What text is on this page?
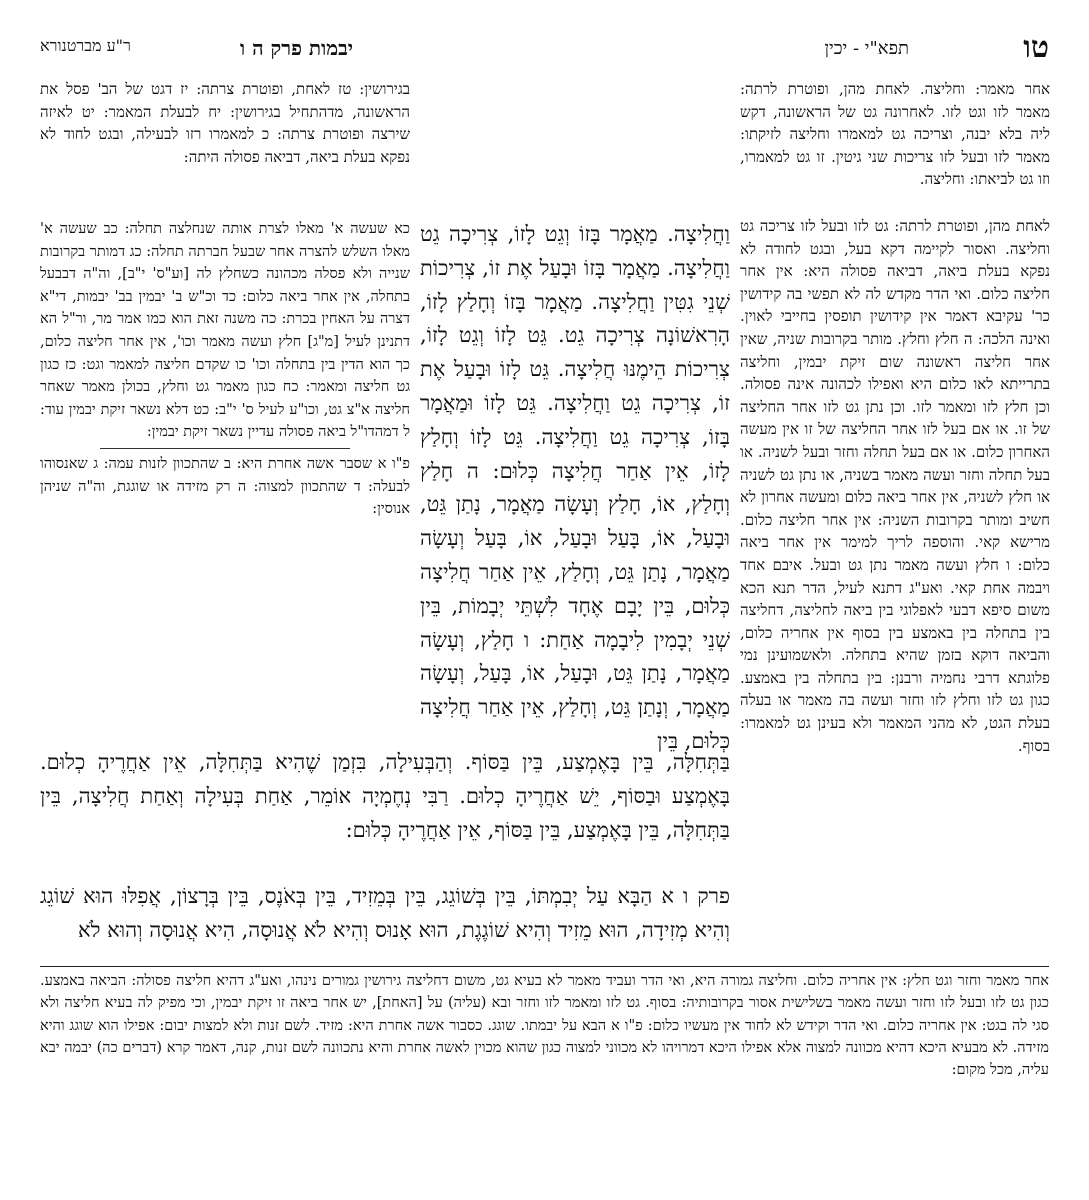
טו
תפא"י - יכין
יבמות פרק ה ו
ר"ע מברטנורא
בגירושין: טז לאחת, ופוטרת צרתה: יז דגט של הב' פסל את הראשונה, מדהתחיל בגירושין: יח לבעלת המאמר: יט לאיזה שירצה ופוטרת צרתה: כ למאמרו רזו לבעילה, ובגט לחוד לא נפקא בעלת ביאה, דביאה פסולה היתה:
כא שעשה א' מאלו לצרת אותה שנחלצה תחלה: כב שעשה א' מאלו השלש להצרה אחר שבעל חברתה תחלה: כג דמותר בקרובות שנייה ולא פסלה מכהונה כשחלץ לה [וע"ס' י"ב], וה"ה דבבעל בתחלה, אין אחר ביאה כלום: כד וכ"ש ב' יבמין בב' יבמות, די"א דצרה על האחין בכרת: כה משנה זאת הוא כמו אמר מר, ור"ל הא דתנינן לעיל [מ"ג] חלץ ועשה מאמר וכו', אין אחר חליצה כלום, כך הוא הדין בין בתחלה וכו' כו שקדם חליצה למאמר וגט: כז כגון גט חליצה ומאמר: כח כגון מאמר גט וחלץ, בכולן מאמר שאחר חליצה א"צ גט, וכו"ע לעיל ס' י"ב: כט דלא נשאר זיקת יבמין עוד: ל דמהדו"ל ביאה פסולה עדיין נשאר זיקת יבמין:
פ"ו א שסבר אשה אחרת היא: ב שהתכוון לזנות עמה: ג שאנסוהו לבעלה: ד שהתכוון למצוה: ה רק מזידה או שוגגת, וה"ה שניהן אנוסין:
אחר מאמר: וחליצה. לאחת מהן, ופוטרת לרתה: מאמר לזו וגט לזו. לאחרונה גט של הראשונה, דקש ליה בלא יבנה, וצריכה גט למאמרו וחליצה לזיקתו: מאמר לזו ובעל לזו צריכות שני גיטין. זו גט למאמרו, וזו גט לביאתו: וחליצה.
לאחת מהן, ופוטרת לרתה: גט לזו ובעל לזו צריכה גט וחליצה. ואסור לקיימה דקא בעל, ובגט לחודה לא נפקא בעלת ביאה, דביאה פסולה היא: אין אחר חליצה כלום. ואי הדר מקדש לה לא תפשי בה קידושין כר' עקיבא דאמר אין קידושין תופסין בחייבי לאוין. ואינה הלכה: ה חלץ וחלץ. מותר בקרובות שניה, שאין אחר חליצה ראשונה שום זיקת יבמין, וחליצה בתרייתא לאו כלום היא ואפילו לכהונה אינה פסולה. וכן חלץ לזו ומאמר לזו. וכן נתן גט לזו אחר החליצה של זו. או אם בעל לזו אחר החליצה של זו אין מעשה האחרון כלום. או אם בעל תחלה וחזר ובעל לשניה. או בעל תחלה וחזר ועשה מאמר בשניה, או נתן גט לשניה או חלץ לשניה, אין אחר ביאה כלום ומעשה אחרון לא חשיב ומותר בקרובות השניה: אין אחר חליצה כלום. מרישא קאי. והוספה לריך למימר אין אחר ביאה כלום: ו חלץ ועשה מאמר נתן גט ובעל. איבם אחד ויבמה אחת קאי. ואע"ג דתנא לעיל, הדר תנא הכא משום סיפא דבעי לאפלוגי בין ביאה לחליצה, דחליצה בין בתחלה בין באמצע בין בסוף אין אחריה כלום, והביאה דוקא בזמן שהיא בתחלה. ולאשמועינן נמי פלוגתא דרבי נחמיה ורבנן: בין בתחלה בין באמצע. כגון גט לזו וחלץ לזו וחזר ועשה בה מאמר או בעלה בעלת הגט, לא מהני המאמר ולא בעינן גט למאמרו: בסוף.
וַחֲלִיצָה. מַאֲמָר בָּזוֹ וְגֵט לָזוֹ, צְרִיכָה גֵט וַחֲלִיצָה. מַאֲמָר בָּזוֹ וּבָעַל אֶת זוֹ, צְרִיכוֹת שְׁנֵי גִטִּין וַחֲלִיצָה. מַאֲמָר בָּזוֹ וְחָלַץ לָזוֹ, הָרִאשׁוֹנָה צְרִיכָה גֵט. גֵּט לָזוֹ וְגֵט לָזוֹ, צְרִיכוֹת הֵימֶנּוּ חֲלִיצָה. גֵּט לָזוֹ וּבָעַל אֶת זוֹ, צְרִיכָה גֵט וַחֲלִיצָה. גֵּט לָזוֹ וּמַאֲמָר בָּזוֹ, צְרִיכָה גֵט וַחֲלִיצָה. גֵּט לָזוֹ וְחָלַץ לָזוֹ, אֵין אַחַר חֲלִיצָה כְּלוּם: ה חָלַץ וְחָלַץ, אוֹ, חָלַץ וְעָשָׂה מַאֲמָר, נָתַן גֵּט, וּבָעַל, אוֹ, בָּעַל וּבָעַל, אוֹ, בָּעַל וְעָשָׂה מַאֲמָר, נָתַן גֵּט, וְחָלַץ, אֵין אַחַר חֲלִיצָה כְּלוּם, בֵּין יָבָם אֶחָד לִשְׁתֵּי יְבָמוֹת, בֵּין שְׁנֵי יְבָמִין לִיבָמָה אַחַת: ו חָלַץ, וְעָשָׂה מַאֲמָר, נָתַן גֵּט, וּבָעַל, אוֹ, בָּעַל, וְעָשָׂה מַאֲמָר, וְנָתַן גֵּט, וְחָלַץ, אֵין אַחַר חֲלִיצָה כְּלוּם, בֵּין
בַּתְּחִלָּה, בֵּין בָּאֶמְצַע, בֵּין בַּסּוֹף. וְהַבְּעִילָה, בִּזְמַן שֶׁהִיא בַּתְּחִלָּה, אֵין אַחֲרֶיהָ כְלוּם. בָּאֶמְצַע וּבַסּוֹף, יֵשׁ אַחֲרֶיהָ כְלוּם. רַבִּי נְחֶמְיָה אוֹמֵר, אַחַת בְּעִילָה וְאַחַת חֲלִיצָה, בֵּין בַּתְּחִלָּה, בֵּין בָּאֶמְצַע, בֵּין בַּסּוֹף, אֵין אַחֲרֶיהָ כְּלוּם:
פרק ו א הַבָּא עַל יְבִמְתּוֹ, בֵּין בְּשׁוֹגֵג, בֵּין בְּמֵזִיד, בֵּין בְּאֹנֶס, בֵּין בְּרָצוֹן, אֲפִלּוּ הוּא שׁוֹגֵג וְהִיא מְזִידָה, הוּא מֵזִיד וְהִיא שׁוֹגֶגֶת, הוּא אָנוּס וְהִיא לֹא אֲנוּסָה, הִיא אֲנוּסָה וְהוּא לֹא
אחר מאמר וחזר וגט חלץ: אין אחריה כלום. וחליצה גמורה היא, ואי הדר ועביד מאמר לא בעיא גט, משום דחליצה גירושין גמורים נינהו, ואע"ג דהיא חליצה פסולה: הביאה באמצע. כגון גט לזו ובעל לזו וחזר ועשה מאמר בשלישית אסור בקרובותיה: בסוף. גט לזו ומאמר לזו וחזר ובא (עליה) על [האחת], יש אחר ביאה זו זיקת יבמין, וכי מפיק לה בעיא חליצה ולא סגי לה בגט: אין אחריה כלום. ואי הדר וקידש לא לחוד אין מעשיו כלום: פ"ו א הבא על יבמתו. שוגג. כסבור אשה אחרת היא: מזיד. לשם זנות ולא למצות יבום: אפילו הוא שוגג והיא מזידה. לא מבעיא היכא דהיא מכוונה למצוה אלא אפילו היכא דמרויהו לא מכווני למצוה כגון שהוא מכוין לאשה אחרת והיא נתכוונה לשם זנות, קנה, דאמר קרא (דברים כה) יבמה יבא עליה, מכל מקום:
